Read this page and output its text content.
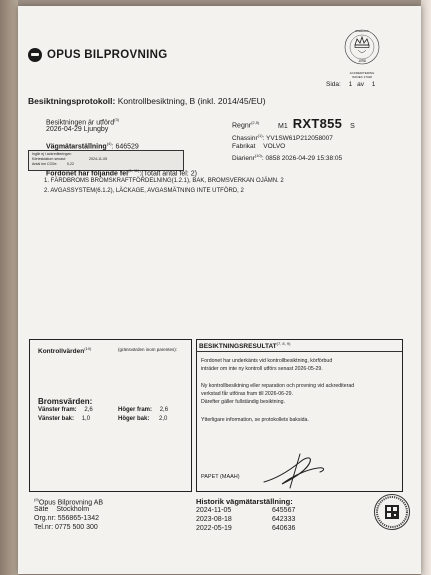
OPUS BILPROVNING
SWEDAC
ACKREDITERING
1098
ISO/IEC 17020
Sida: 1 av 1
Besiktningsprotokoll: Kontrollbesiktning, B (inkl. 2014/45/EU)
Besiktningen är utförd$^{(3)}$
2026-04-29 Ljungby
Vägmätarställning$^{(4)}$: 646529
Ingår ej i ackrediteringen
Körtestdatum senast:	2024-11-05
Antal km CO2e:	0,22
Regnr$^{(2,5)}$
M1 RXT855 S
Chassinr$^{(1)}$: YV1SW61P212058007
Fabrikat VOLVO
Diarienr$^{(10)}$: 0858 2026-04-29 15:38:05
Fordonet har följande fel$^{(6, 11)}$:(Totalt antal fel: 2)
1. FÄRDBROMS BROMSKRAFTFÖRDELNING(1.2.1), BAK, BROMSVERKAN OJÄMN. 2
2. AVGASSYSTEM(6.1.2), LÄCKAGE, AVGASMÄTNING INTE UTFÖRD, 2
Kontrollvärden$^{(10)}$	(gränsvärden inom parentes):
Bromsvärden:
Vänster fram: 2,6	Höger fram: 2,6
Vänster bak: 1,0	Höger bak: 2,0
BESIKTNINGSRESULTAT$^{(7, 8, 9)}$
Fordonet har underkänts vid kontrollbesiktning, körförbud
inträder om inte ny kontroll utförs senast 2026-05-29.
Ny kontrollbesiktning eller reparation och provning vid ackrediterad
verkstad får utföras fram till 2026-06-29.
Därefter gäller fullständig besiktning.
Ytterligare information, se protokollets baksida.
PAPET (MAAH)
$^{(9)}$Opus Bilprovning AB
Säte Stockholm
Org.nr: 556865-1342
Tel.nr: 0775 500 300
Historik vägmätarställning:
2024-11-05	645567
2023-08-18	642333
2022-05-19	640636
